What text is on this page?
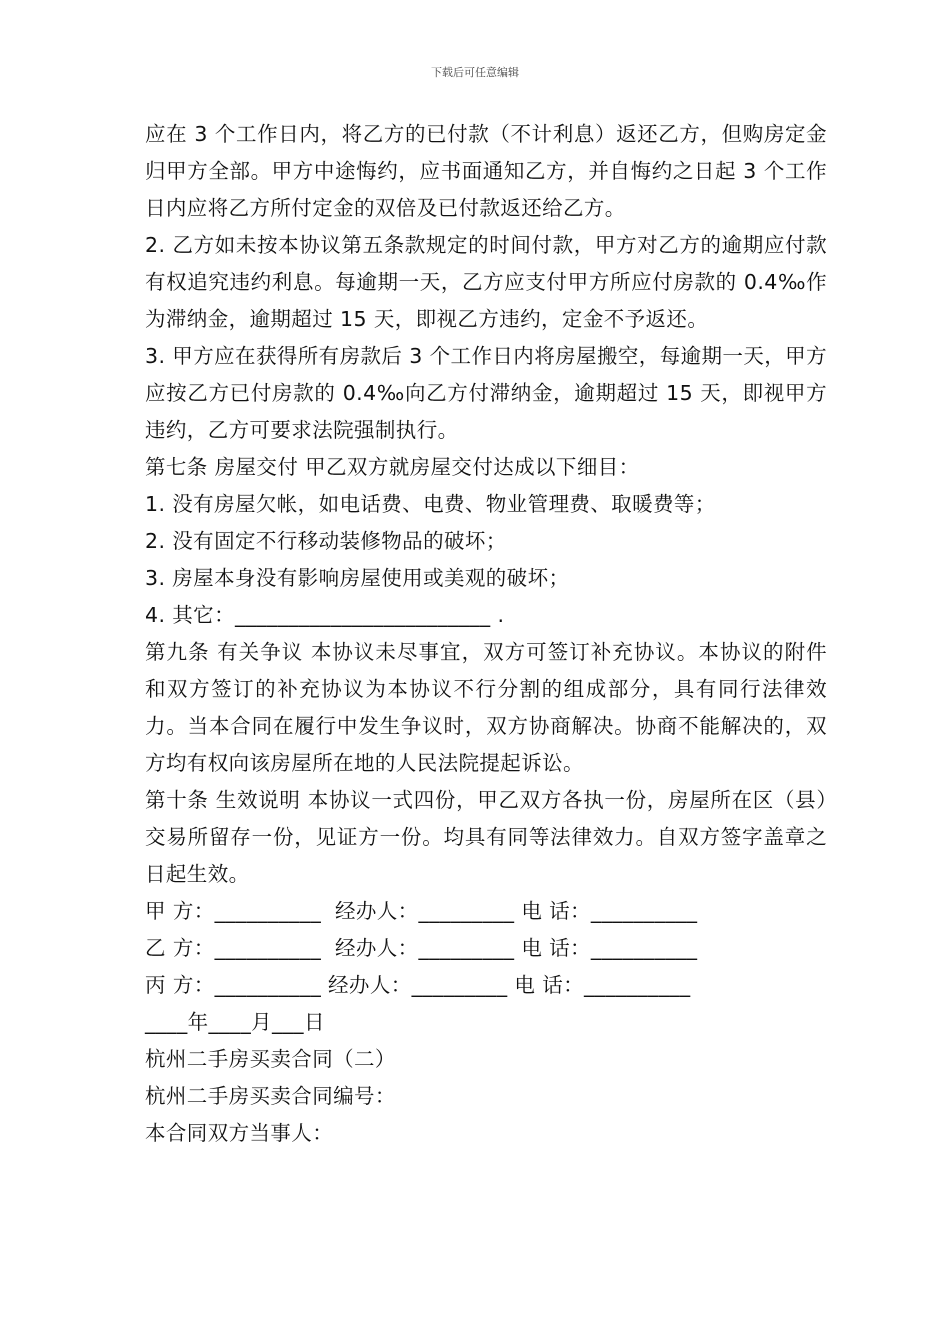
下载后可任意编辑

应在 3 个工作日内，将乙方的已付款（不计利息）返还乙方，但购房定金归甲方全部。甲方中途悔约，应书面通知乙方，并自悔约之日起 3 个工作日内应将乙方所付定金的双倍及已付款返还给乙方。

2. 乙方如未按本协议第五条款规定的时间付款，甲方对乙方的逾期应付款有权追究违约利息。每逾期一天，乙方应支付甲方所应付房款的 0.4‰作为滞纳金，逾期超过 15 天，即视乙方违约，定金不予返还。

3. 甲方应在获得所有房款后 3 个工作日内将房屋搬空，每逾期一天，甲方应按乙方已付房款的 0.4‰向乙方付滞纳金，逾期超过 15 天，即视甲方违约，乙方可要求法院强制执行。

第七条 房屋交付 甲乙双方就房屋交付达成以下细目：

1. 没有房屋欠帐，如电话费、电费、物业管理费、取暖费等；

2. 没有固定不行移动装修物品的破坏；

3. 房屋本身没有影响房屋使用或美观的破坏；

4. 其它：________________________ .

第九条 有关争议 本协议未尽事宜，双方可签订补充协议。本协议的附件和双方签订的补充协议为本协议不行分割的组成部分，具有同行法律效力。当本合同在履行中发生争议时，双方协商解决。协商不能解决的，双方均有权向该房屋所在地的人民法院提起诉讼。

第十条 生效说明 本协议一式四份，甲乙双方各执一份，房屋所在区（县）交易所留存一份，见证方一份。均具有同等法律效力。自双方签字盖章之日起生效。

甲 方：__________  经办人：_________ 电 话：__________

乙 方：__________  经办人：_________ 电 话：__________

丙 方：__________ 经办人：_________ 电 话：__________

____年____月___日

杭州二手房买卖合同（二）

杭州二手房买卖合同编号：

本合同双方当事人：
